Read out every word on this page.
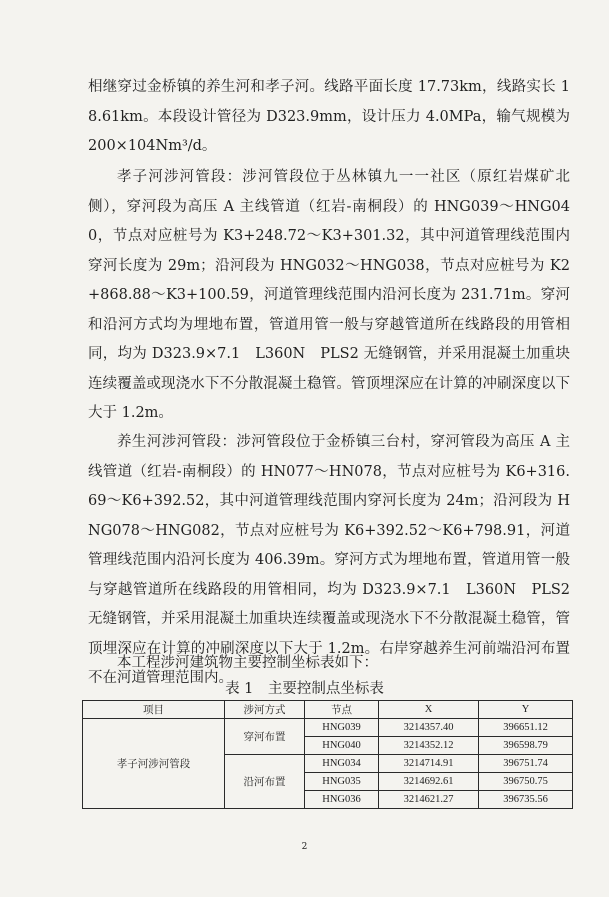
相继穿过金桥镇的养生河和孝子河。线路平面长度 17.73km，线路实长 18.61km。本段设计管径为 D323.9mm，设计压力 4.0MPa，输气规模为 200×104Nm³/d。

孝子河涉河管段：涉河管段位于丛林镇九一一社区（原红岩煤矿北侧），穿河段为高压 A 主线管道（红岩-南桐段）的 HNG039～HNG040，节点对应桩号为 K3+248.72～K3+301.32，其中河道管理线范围内穿河长度为 29m；沿河段为 HNG032～HNG038，节点对应桩号为 K2+868.88～K3+100.59，河道管理线范围内沿河长度为 231.71m。穿河和沿河方式均为埋地布置，管道用管一般与穿越管道所在线路段的用管相同，均为 D323.9×7.1　L360N　PLS2 无缝钢管，并采用混凝土加重块连续覆盖或现浇水下不分散混凝土稳管。管顶埋深应在计算的冲刷深度以下大于 1.2m。

养生河涉河管段：涉河管段位于金桥镇三台村，穿河管段为高压 A 主线管道（红岩-南桐段）的 HN077～HN078，节点对应桩号为 K6+316.69～K6+392.52，其中河道管理线范围内穿河长度为 24m；沿河段为 HNG078～HNG082，节点对应桩号为 K6+392.52～K6+798.91，河道管理线范围内沿河长度为 406.39m。穿河方式为埋地布置，管道用管一般与穿越管道所在线路段的用管相同，均为 D323.9×7.1　L360N　PLS2 无缝钢管，并采用混凝土加重块连续覆盖或现浇水下不分散混凝土稳管，管顶埋深应在计算的冲刷深度以下大于 1.2m。右岸穿越养生河前端沿河布置不在河道管理范围内。

本工程涉河建筑物主要控制坐标表如下：

表 1　主要控制点坐标表

项目	涉河方式	节点	X	Y
孝子河涉河管段	穿河布置	HNG039	3214357.40	396651.12
		HNG040	3214352.12	396598.79
	沿河布置	HNG034	3214714.91	396751.74
		HNG035	3214692.61	396750.75
		HNG036	3214621.27	396735.56

2
